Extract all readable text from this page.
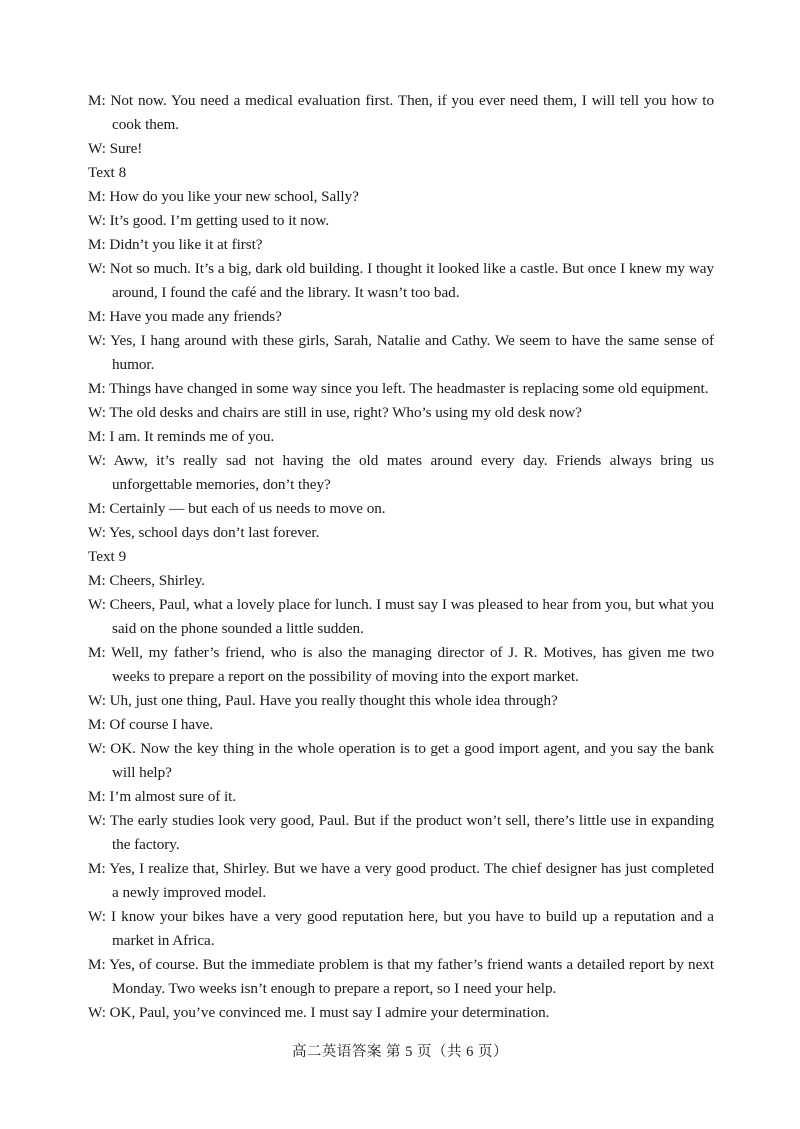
M: Not now. You need a medical evaluation first. Then, if you ever need them, I will tell you how to cook them.
W: Sure!
Text 8
M: How do you like your new school, Sally?
W: It’s good. I’m getting used to it now.
M: Didn’t you like it at first?
W: Not so much. It’s a big, dark old building. I thought it looked like a castle. But once I knew my way around, I found the café and the library. It wasn’t too bad.
M: Have you made any friends?
W: Yes, I hang around with these girls, Sarah, Natalie and Cathy. We seem to have the same sense of humor.
M: Things have changed in some way since you left. The headmaster is replacing some old equipment.
W: The old desks and chairs are still in use, right? Who’s using my old desk now?
M: I am. It reminds me of you.
W: Aww, it’s really sad not having the old mates around every day. Friends always bring us unforgettable memories, don’t they?
M: Certainly — but each of us needs to move on.
W: Yes, school days don’t last forever.
Text 9
M: Cheers, Shirley.
W: Cheers, Paul, what a lovely place for lunch. I must say I was pleased to hear from you, but what you said on the phone sounded a little sudden.
M: Well, my father’s friend, who is also the managing director of J. R. Motives, has given me two weeks to prepare a report on the possibility of moving into the export market.
W: Uh, just one thing, Paul. Have you really thought this whole idea through?
M: Of course I have.
W: OK. Now the key thing in the whole operation is to get a good import agent, and you say the bank will help?
M: I’m almost sure of it.
W: The early studies look very good, Paul. But if the product won’t sell, there’s little use in expanding the factory.
M: Yes, I realize that, Shirley. But we have a very good product. The chief designer has just completed a newly improved model.
W: I know your bikes have a very good reputation here, but you have to build up a reputation and a market in Africa.
M: Yes, of course. But the immediate problem is that my father’s friend wants a detailed report by next Monday. Two weeks isn’t enough to prepare a report, so I need your help.
W: OK, Paul, you’ve convinced me. I must say I admire your determination.
高二英语答案 第 5 页（共 6 页）
